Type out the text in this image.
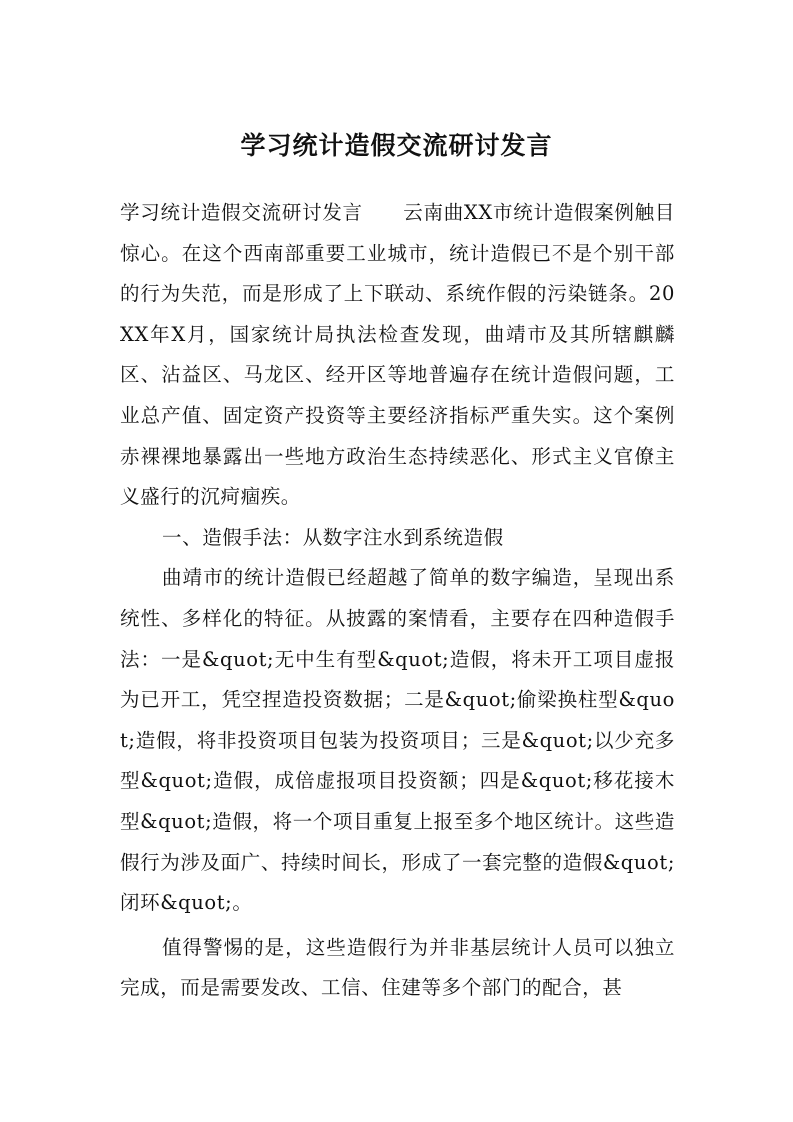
学习统计造假交流研讨发言

学习统计造假交流研讨发言　　云南曲XX市统计造假案例触目惊心。在这个西南部重要工业城市，统计造假已不是个别干部的行为失范，而是形成了上下联动、系统作假的污染链条。20XX年X月，国家统计局执法检查发现，曲靖市及其所辖麒麟区、沾益区、马龙区、经开区等地普遍存在统计造假问题，工业总产值、固定资产投资等主要经济指标严重失实。这个案例赤裸裸地暴露出一些地方政治生态持续恶化、形式主义官僚主义盛行的沉疴痼疾。

一、造假手法：从数字注水到系统造假

曲靖市的统计造假已经超越了简单的数字编造，呈现出系统性、多样化的特征。从披露的案情看，主要存在四种造假手法：一是&quot;无中生有型&quot;造假，将未开工项目虚报为已开工，凭空捏造投资数据；二是&quot;偷梁换柱型&quot;造假，将非投资项目包装为投资项目；三是&quot;以少充多型&quot;造假，成倍虚报项目投资额；四是&quot;移花接木型&quot;造假，将一个项目重复上报至多个地区统计。这些造假行为涉及面广、持续时间长，形成了一套完整的造假&quot;闭环&quot;。

值得警惕的是，这些造假行为并非基层统计人员可以独立完成，而是需要发改、工信、住建等多个部门的配合，甚
